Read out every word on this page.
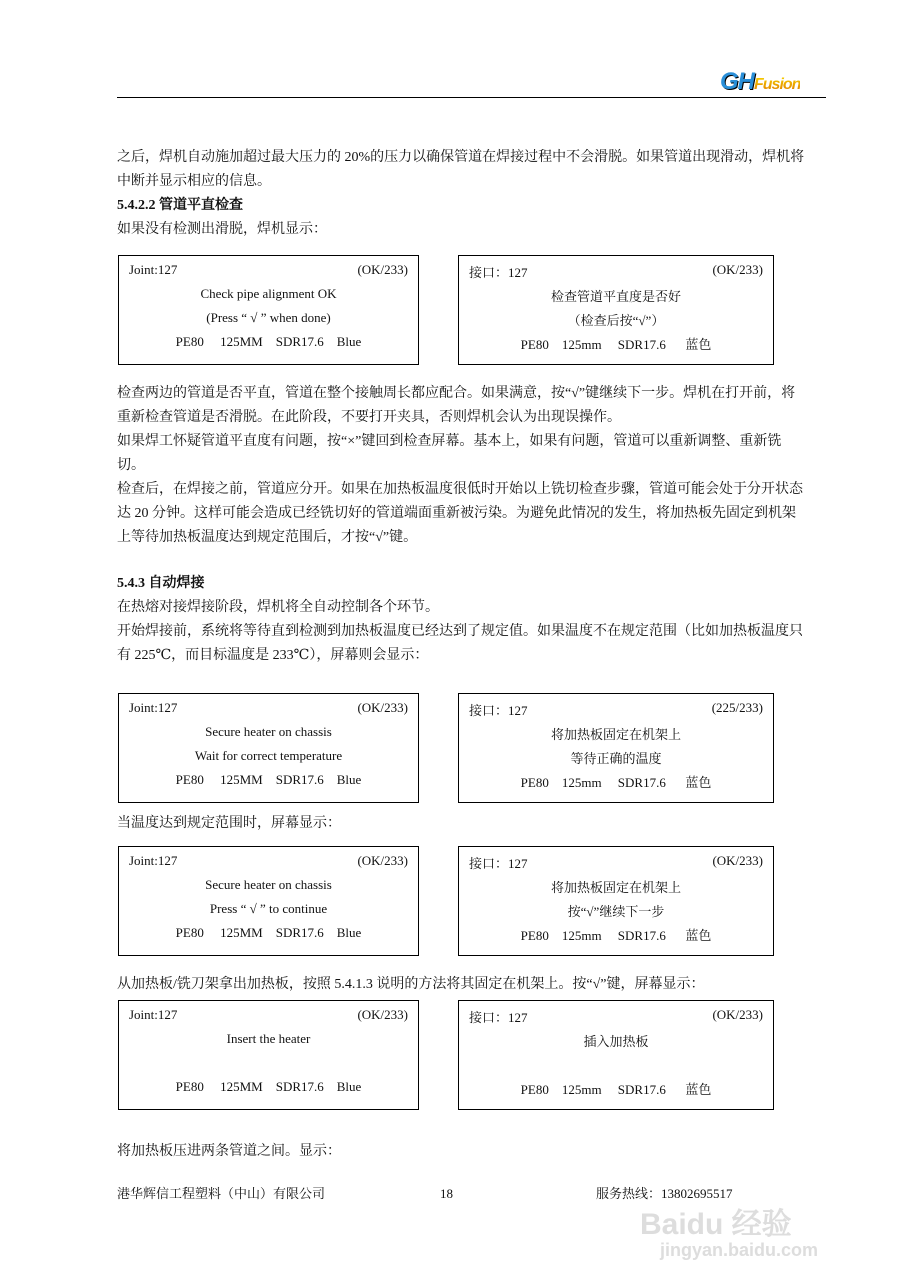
GHFusion
之后，焊机自动施加超过最大压力的 20%的压力以确保管道在焊接过程中不会滑脱。如果管道出现滑动，焊机将中断并显示相应的信息。
5.4.2.2 管道平直检查
如果没有检测出滑脱，焊机显示：
Joint:127	(OK/233)
Check pipe alignment OK
(Press “ √ ” when done)
PE80     125MM    SDR17.6    Blue
接口：127	(OK/233)
检查管道平直度是否好
（检查后按“√”）
PE80    125mm     SDR17.6      蓝色
Joint:127	(OK/233)
Secure heater on chassis
Wait for correct temperature
PE80     125MM    SDR17.6    Blue
接口：127	(225/233)
将加热板固定在机架上
等待正确的温度
PE80    125mm     SDR17.6      蓝色
Joint:127	(OK/233)
Secure heater on chassis
Press “ √ ” to continue
PE80     125MM    SDR17.6    Blue
接口：127	(OK/233)
将加热板固定在机架上
按“√”继续下一步
PE80    125mm     SDR17.6      蓝色
Joint:127	(OK/233)
Insert the heater
PE80     125MM    SDR17.6    Blue
接口：127	(OK/233)
插入加热板
PE80    125mm     SDR17.6      蓝色
检查两边的管道是否平直，管道在整个接触周长都应配合。如果满意，按“√”键继续下一步。焊机在打开前，将重新检查管道是否滑脱。在此阶段，不要打开夹具，否则焊机会认为出现误操作。
如果焊工怀疑管道平直度有问题，按“×”键回到检查屏幕。基本上，如果有问题，管道可以重新调整、重新铣切。
检查后，在焊接之前，管道应分开。如果在加热板温度很低时开始以上铣切检查步骤，管道可能会处于分开状态达 20 分钟。这样可能会造成已经铣切好的管道端面重新被污染。为避免此情况的发生，将加热板先固定到机架上等待加热板温度达到规定范围后，才按“√”键。
5.4.3 自动焊接
在热熔对接焊接阶段，焊机将全自动控制各个环节。
开始焊接前，系统将等待直到检测到加热板温度已经达到了规定值。如果温度不在规定范围（比如加热板温度只有 225℃，而目标温度是 233℃），屏幕则会显示：
当温度达到规定范围时，屏幕显示：
从加热板/铣刀架拿出加热板，按照 5.4.1.3 说明的方法将其固定在机架上。按“√”键，屏幕显示：
将加热板压进两条管道之间。显示：
港华辉信工程塑料（中山）有限公司	18	服务热线：13802695517
Baidu 经验
jingyan.baidu.com
